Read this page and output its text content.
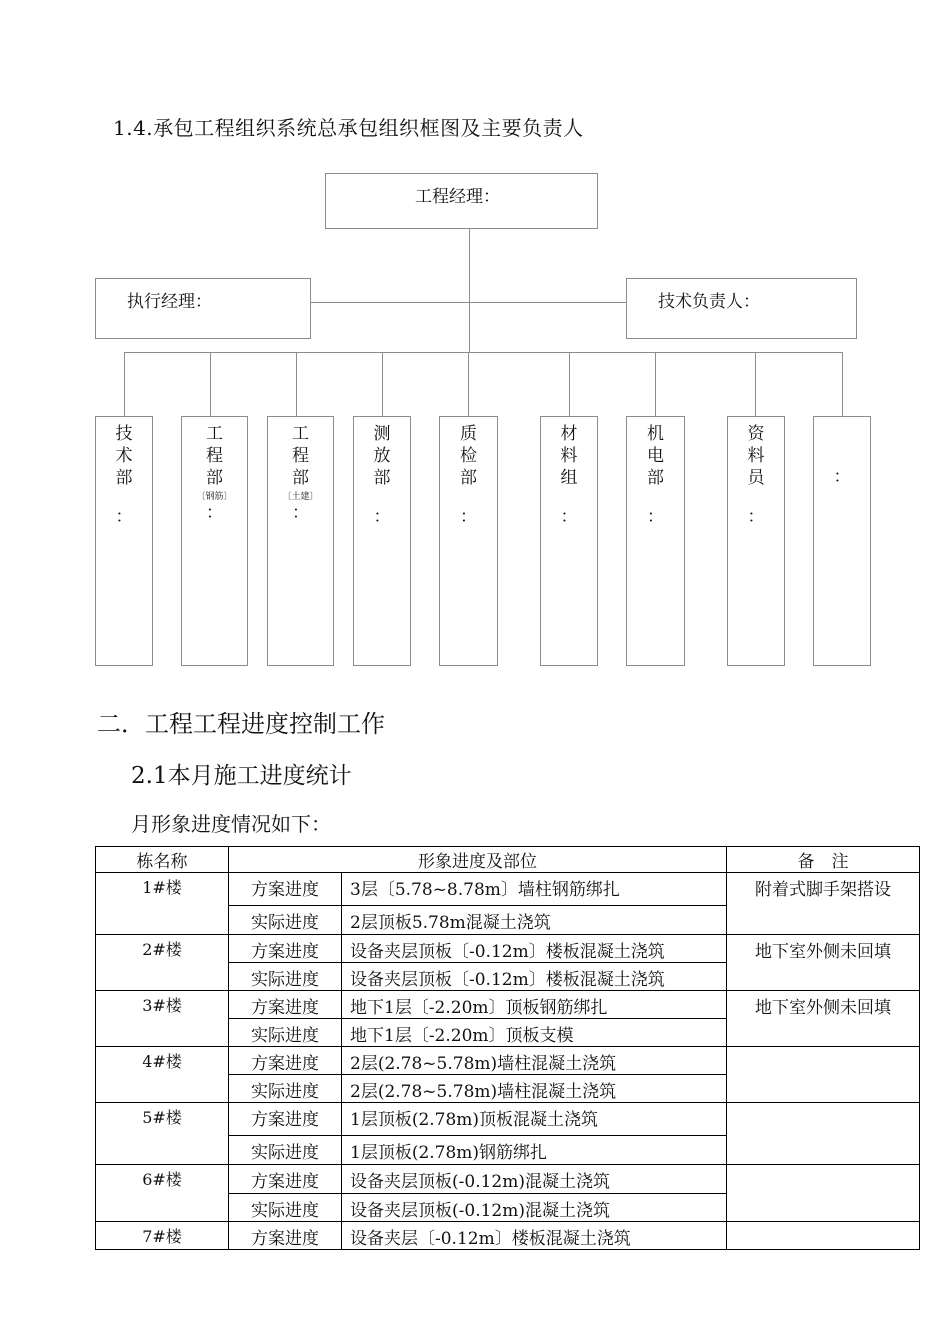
1.4.承包工程组织系统总承包组织框图及主要负责人
工程经理：
执行经理：	技术负责人：
技
术
部
：
工
程
部
〔钢筋〕
：
工
程
部
〔土建〕
：
测
放
部
：
质
检
部
：
材
料
组
：
机
电
部
：
资
料
员
：
：
二．工程工程进度控制工作
2.1本月施工进度统计
月形象进度情况如下：
栋名称	形象进度及部位		备　注
1#楼	方案进度	3层〔5.78~8.78m〕墙柱钢筋绑扎	附着式脚手架搭设
	实际进度	2层顶板5.78m混凝土浇筑	
2#楼	方案进度	设备夹层顶板〔-0.12m〕楼板混凝土浇筑	地下室外侧未回填
	实际进度	设备夹层顶板〔-0.12m〕楼板混凝土浇筑	
3#楼	方案进度	地下1层〔-2.20m〕顶板钢筋绑扎	地下室外侧未回填
	实际进度	地下1层〔-2.20m〕顶板支模	
4#楼	方案进度	2层(2.78~5.78m)墙柱混凝土浇筑	
	实际进度	2层(2.78~5.78m)墙柱混凝土浇筑	
5#楼	方案进度	1层顶板(2.78m)顶板混凝土浇筑	
	实际进度	1层顶板(2.78m)钢筋绑扎	
6#楼	方案进度	设备夹层顶板(-0.12m)混凝土浇筑	
	实际进度	设备夹层顶板(-0.12m)混凝土浇筑	
7#楼	方案进度	设备夹层〔-0.12m〕楼板混凝土浇筑	
